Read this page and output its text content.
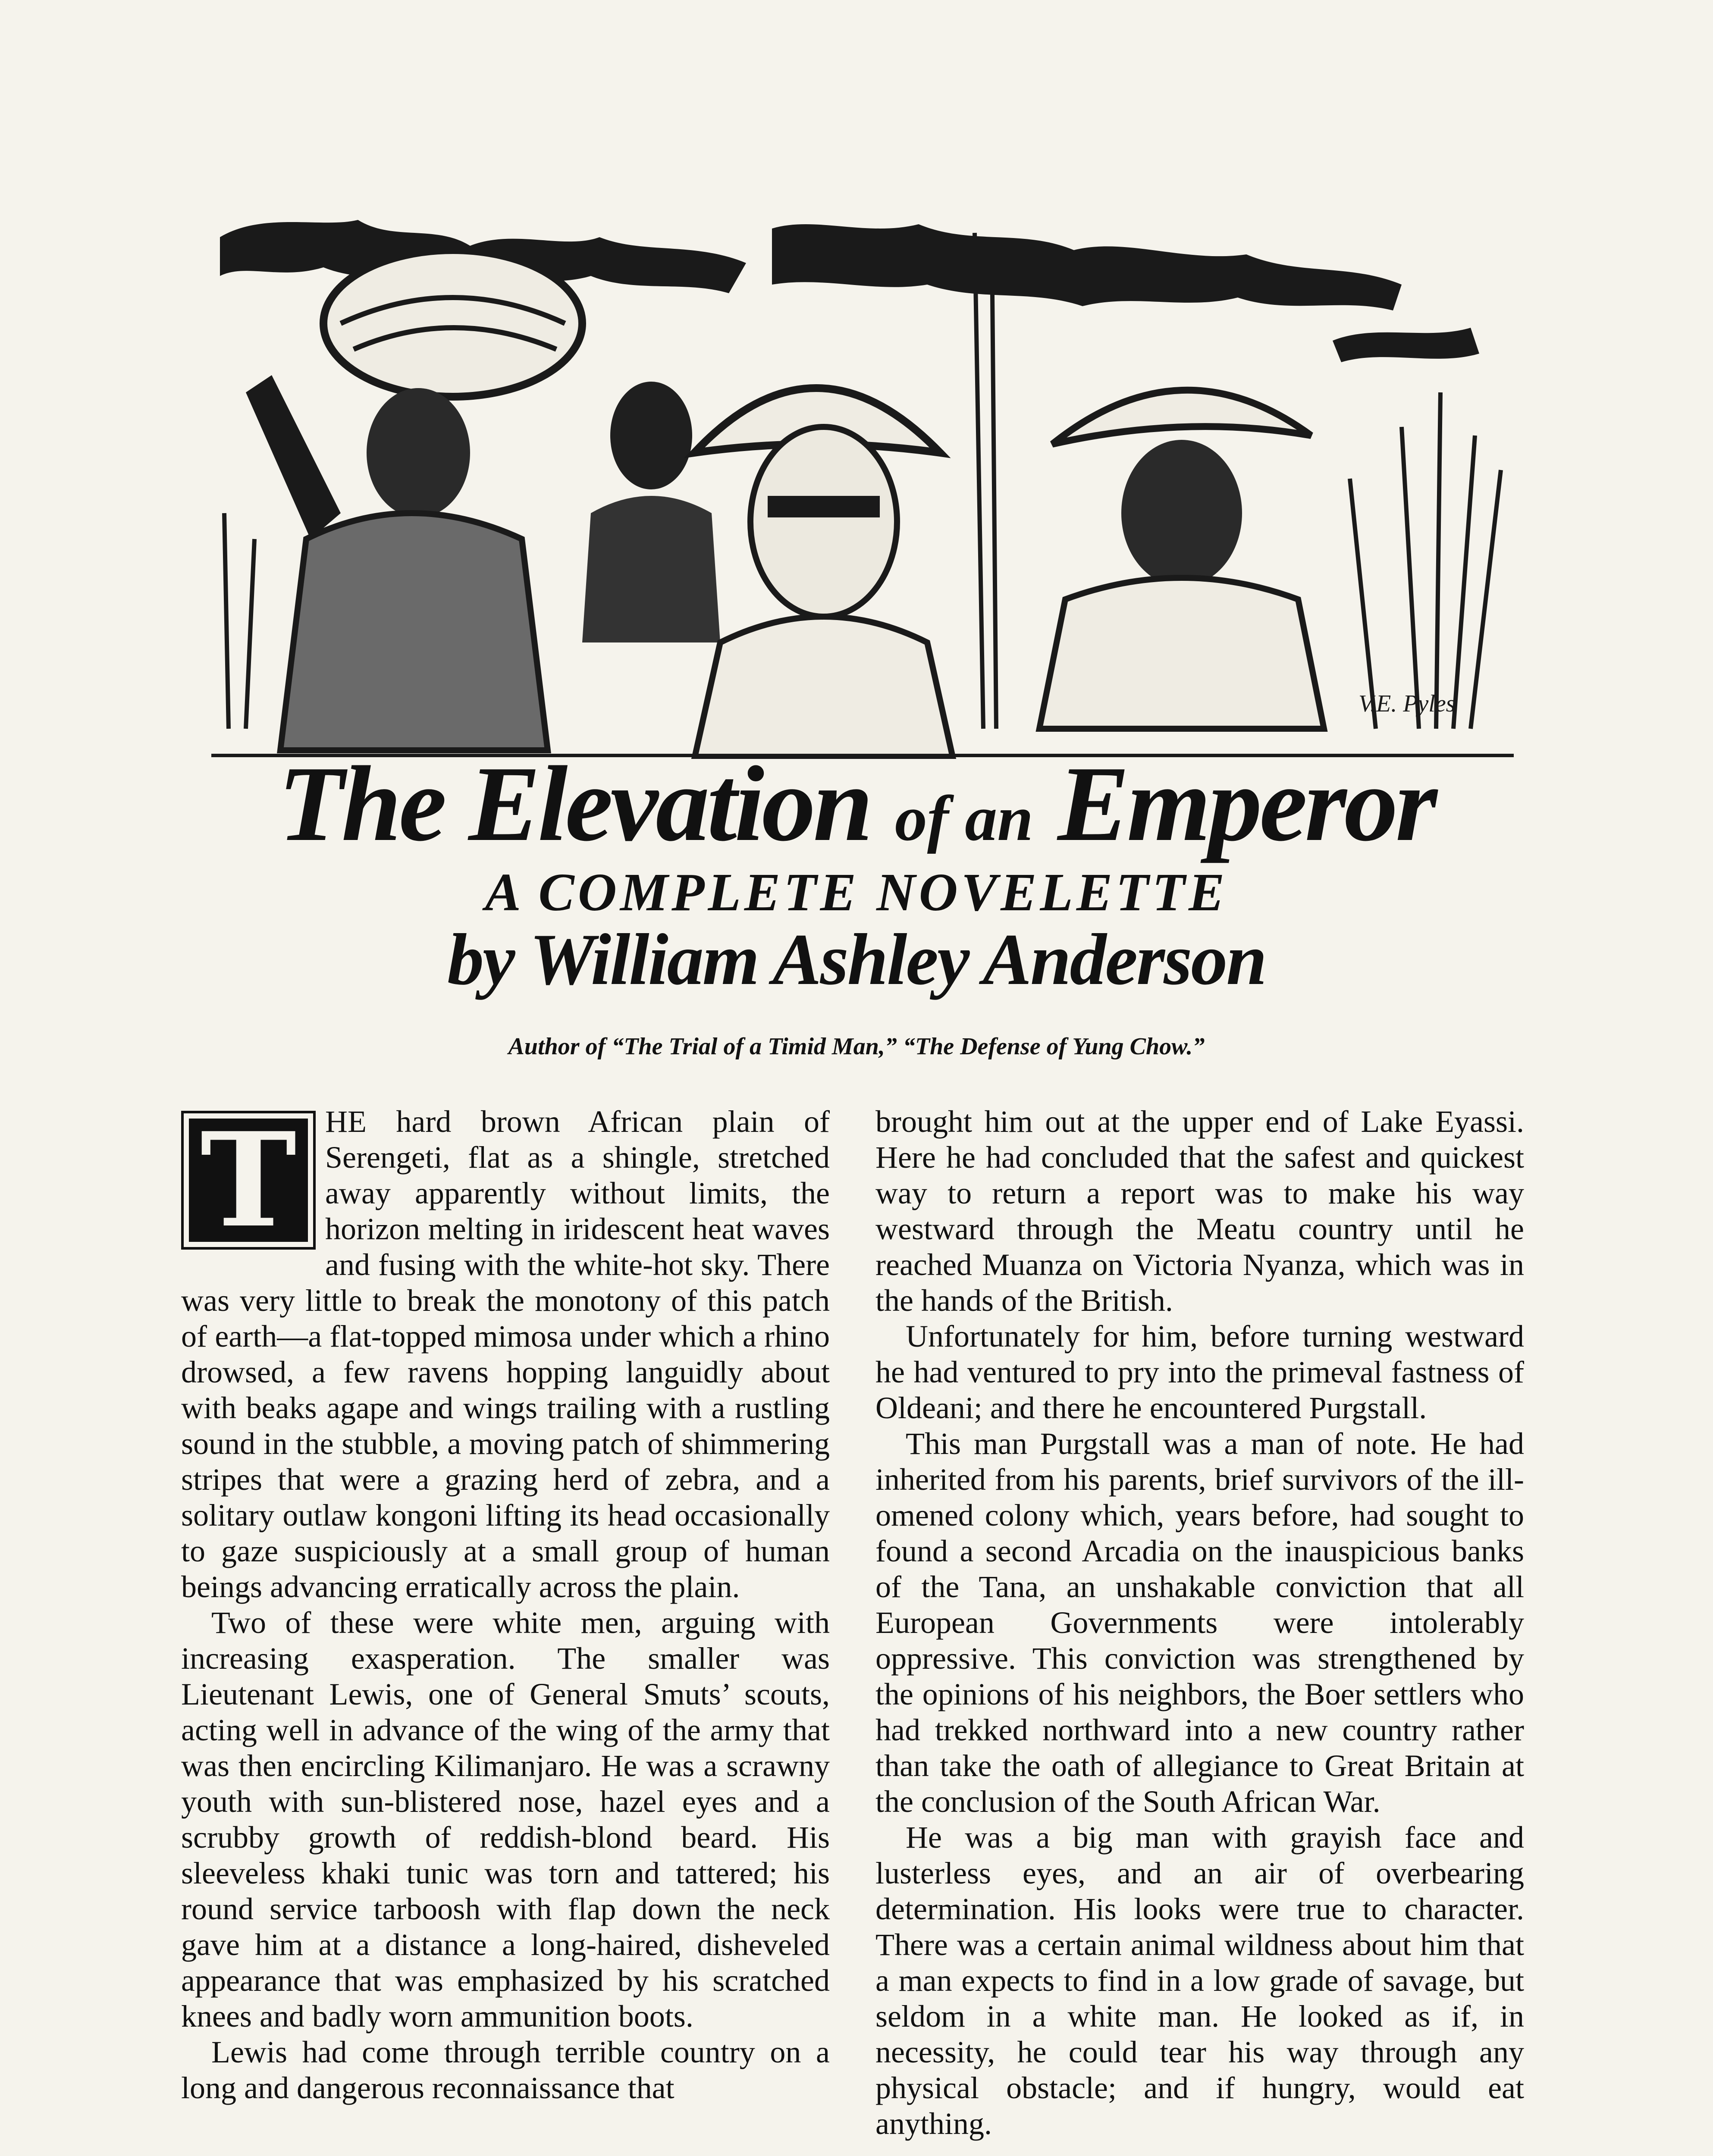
V.E. Pyles

The Elevation of an Emperor

A COMPLETE NOVELETTE

by William Ashley Anderson

Author of “The Trial of a Timid Man,” “The Defense of Yung Chow.”

T HE hard brown African plain of Serengeti, flat as a shingle, stretched away apparently without limits, the horizon melting in iridescent heat waves and fusing with the white-hot sky. There was very little to break the monotony of this patch of earth—a flat-topped mimosa under which a rhino drowsed, a few ravens hopping languidly about with beaks agape and wings trailing with a rustling sound in the stubble, a moving patch of shimmering stripes that were a grazing herd of zebra, and a solitary outlaw kongoni lifting its head occasionally to gaze suspiciously at a small group of human beings advancing erratically across the plain.

Two of these were white men, arguing with increasing exasperation. The smaller was Lieutenant Lewis, one of General Smuts’ scouts, acting well in advance of the wing of the army that was then encircling Kilimanjaro. He was a scrawny youth with sun-blistered nose, hazel eyes and a scrubby growth of reddish-blond beard. His sleeveless khaki tunic was torn and tattered; his round service tarboosh with flap down the neck gave him at a distance a long-haired, disheveled appearance that was emphasized by his scratched knees and badly worn ammunition boots.

Lewis had come through terrible country on a long and dangerous reconnaissance that

brought him out at the upper end of Lake Eyassi. Here he had concluded that the safest and quickest way to return a report was to make his way westward through the Meatu country until he reached Muanza on Victoria Nyanza, which was in the hands of the British.

Unfortunately for him, before turning westward he had ventured to pry into the primeval fastness of Oldeani; and there he encountered Purgstall.

This man Purgstall was a man of note. He had inherited from his parents, brief survivors of the ill-omened colony which, years before, had sought to found a second Arcadia on the inauspicious banks of the Tana, an unshakable conviction that all European Governments were intolerably oppressive. This conviction was strengthened by the opinions of his neighbors, the Boer settlers who had trekked northward into a new country rather than take the oath of allegiance to Great Britain at the conclusion of the South African War.

He was a big man with grayish face and lusterless eyes, and an air of overbearing determination. His looks were true to character. There was a certain animal wildness about him that a man expects to find in a low grade of savage, but seldom in a white man. He looked as if, in necessity, he could tear his way through any physical obstacle; and if hungry, would eat anything.
